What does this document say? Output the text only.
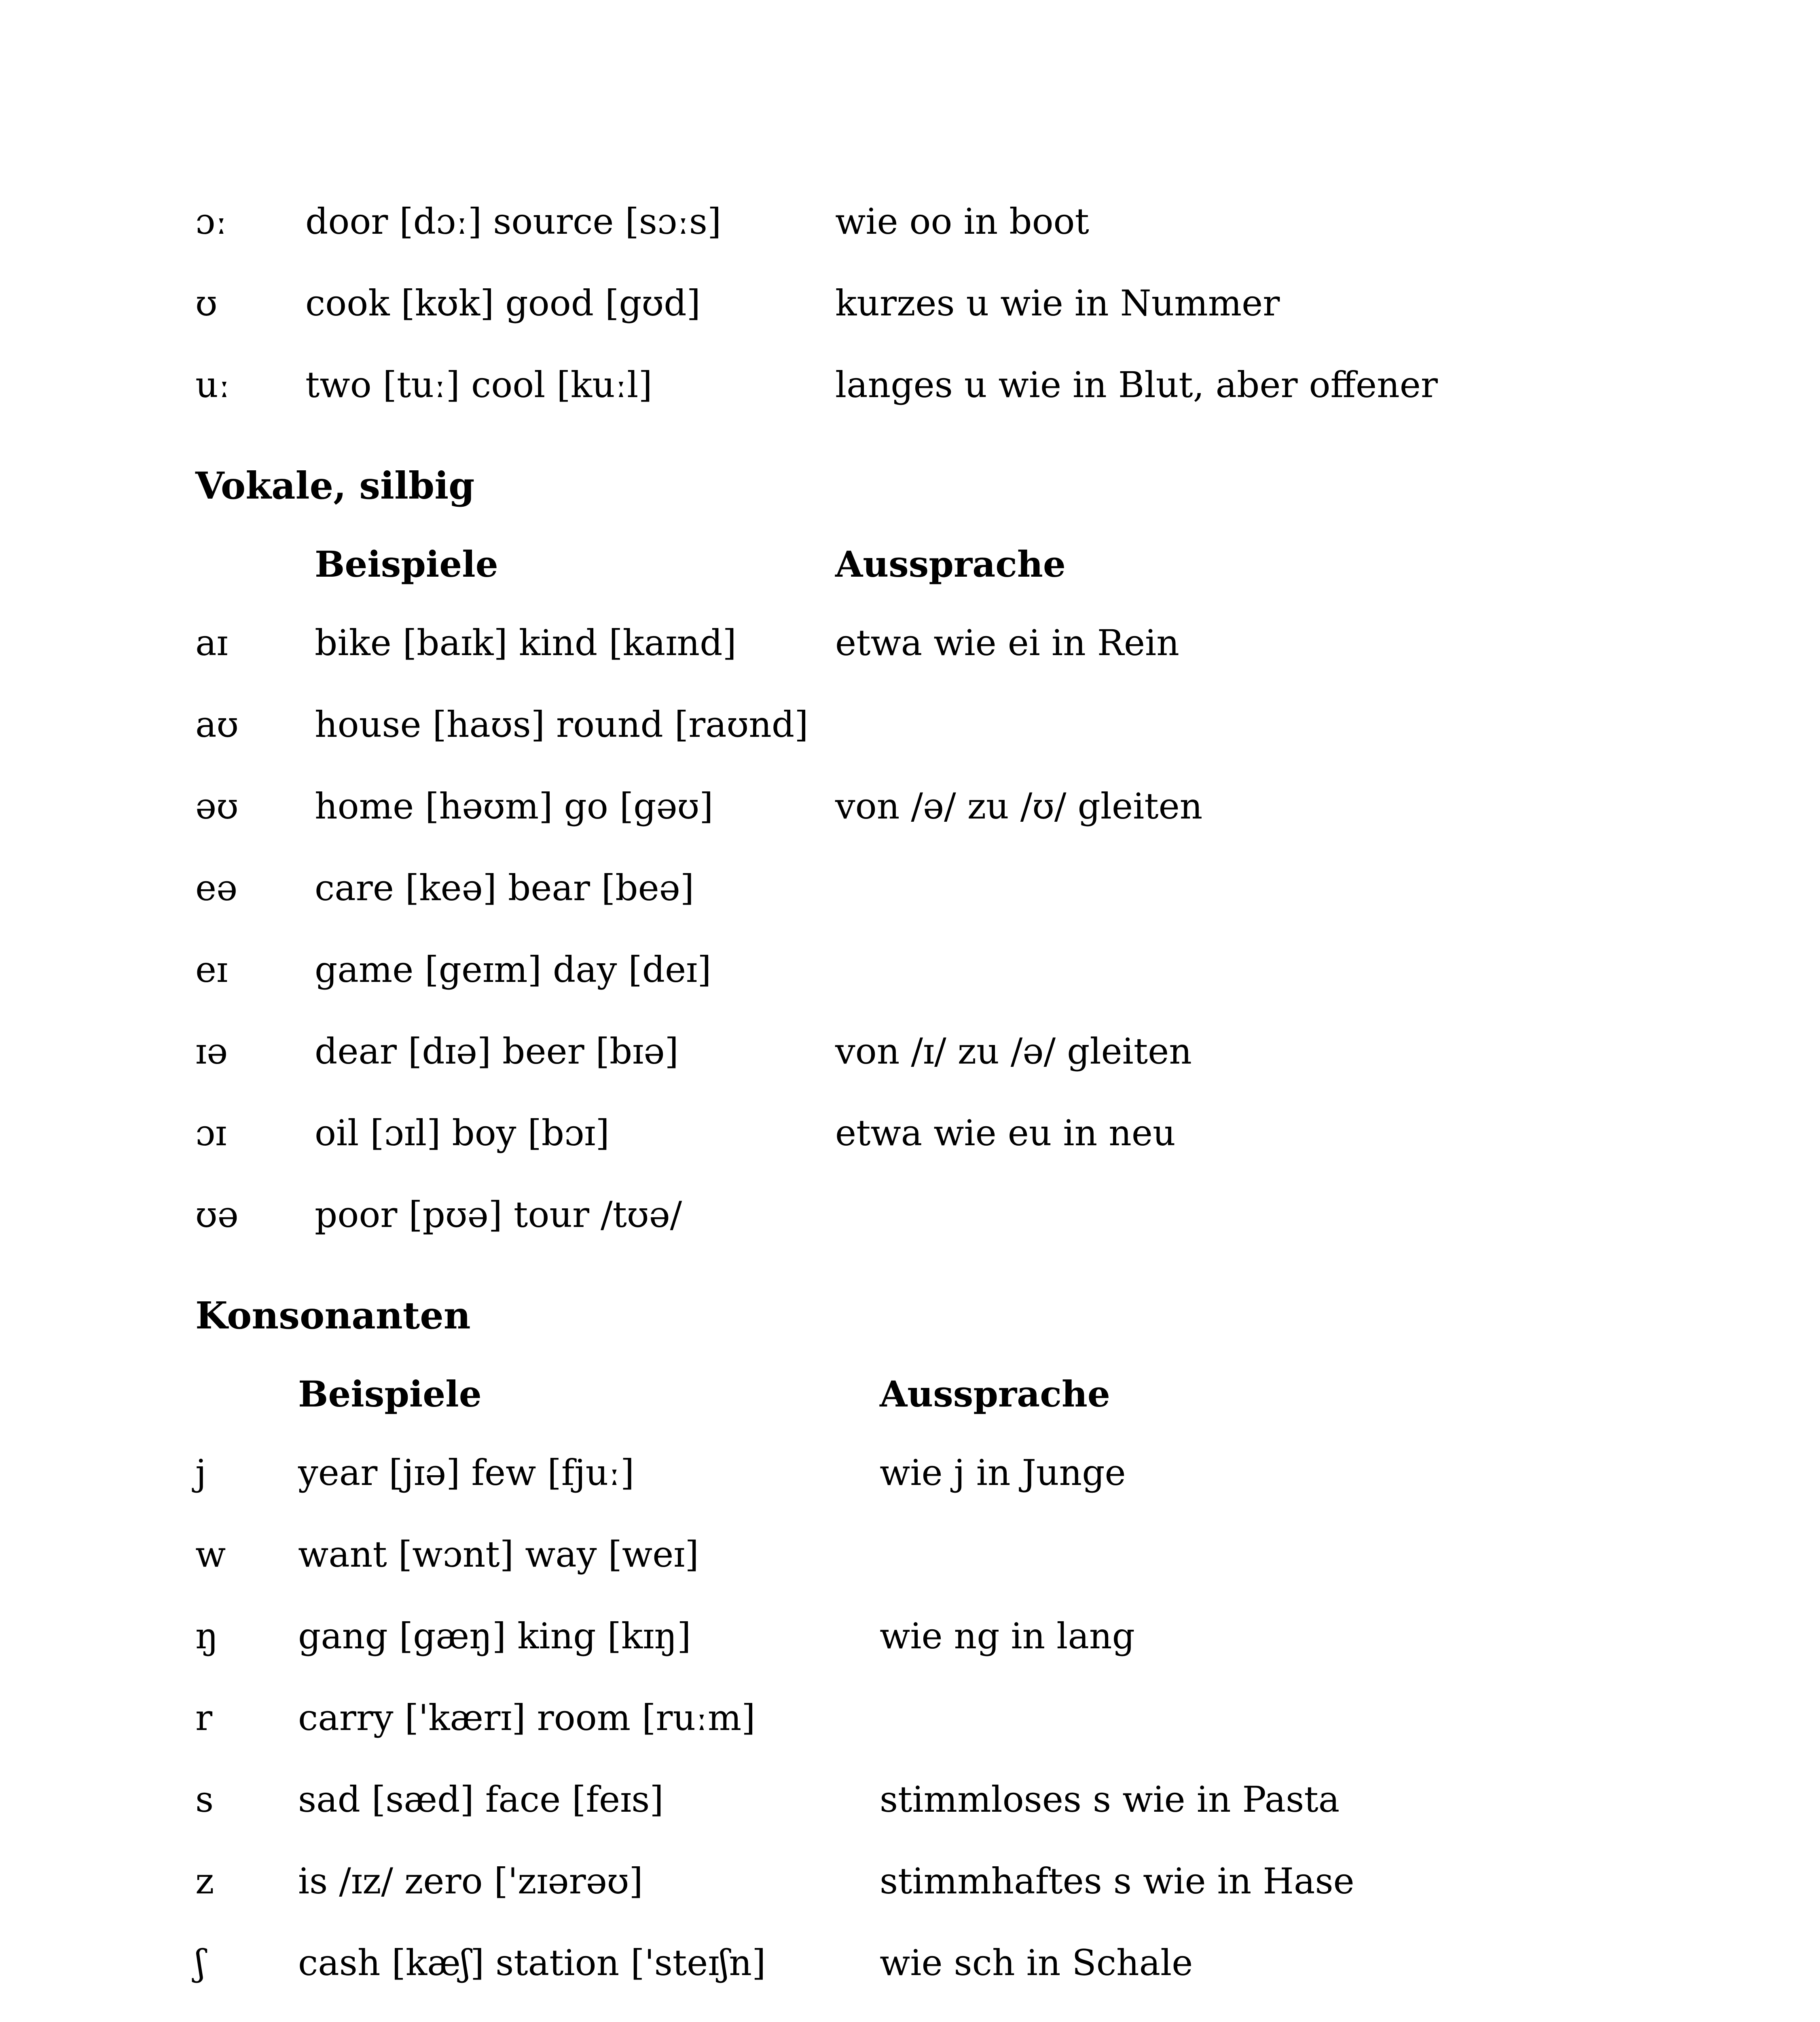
ɔː door [dɔː] source [sɔːs]	wie oo in boot
ʊ cook [kʊk] good [gʊd]	kurzes u wie in Nummer
uː two [tuː] cool [kuːl]	langes u wie in Blut, aber offener
Vokale, silbig
Beispiele	Aussprache
aɪ bike [baɪk] kind [kaɪnd]	etwa wie ei in Rein
aʊ house [haʊs] round [raʊnd]
əʊ home [həʊm] go [gəʊ]	von /ə/ zu /ʊ/ gleiten
eə care [keə] bear [beə]
eɪ game [geɪm] day [deɪ]
ɪə dear [dɪə] beer [bɪə]	von /ɪ/ zu /ə/ gleiten
ɔɪ oil [ɔɪl] boy [bɔɪ]	etwa wie eu in neu
ʊə poor [pʊə] tour /tʊə/
Konsonanten
Beispiele	Aussprache
j	year [jɪə] few [fjuː]	wie j in Junge
w want [wɔnt] way [weɪ]
ŋ gang [gæŋ] king [kɪŋ]	wie ng in lang
r carry ['kærɪ] room [ruːm]
s sad [sæd] face [feɪs]	stimmloses s wie in Pasta
z is /ɪz/ zero ['zɪərəʊ]	stimmhaftes s wie in Hase
ʃ	cash [kæʃ] station ['steɪʃn]	wie sch in Schale
